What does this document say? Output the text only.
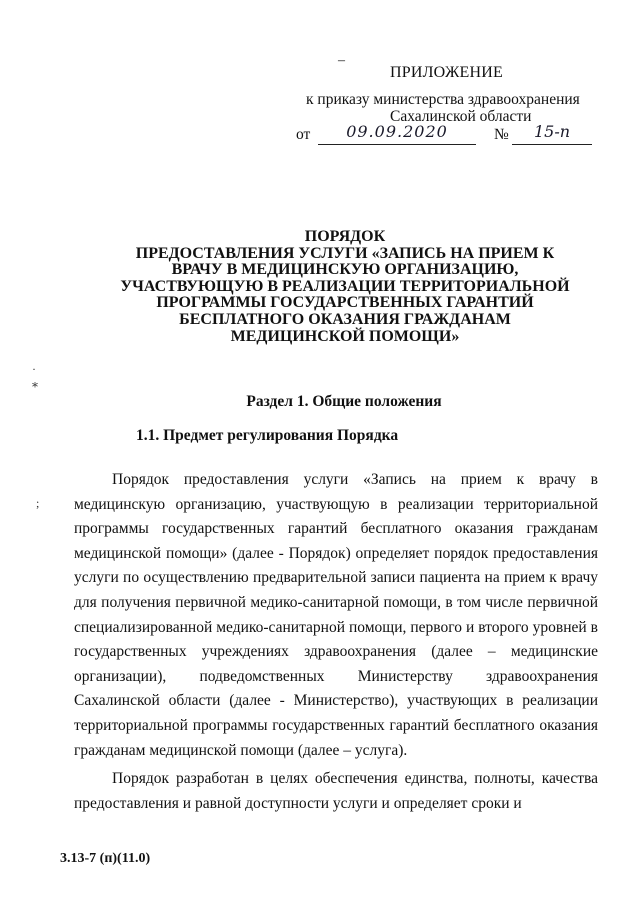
–
ПРИЛОЖЕНИЕ
к приказу министерства здравоохранения
Сахалинской области
от	09.09.2020	№	15-п
ПОРЯДОК
ПРЕДОСТАВЛЕНИЯ УСЛУГИ «ЗАПИСЬ НА ПРИЕМ К
ВРАЧУ В МЕДИЦИНСКУЮ ОРГАНИЗАЦИЮ,
УЧАСТВУЮЩУЮ В РЕАЛИЗАЦИИ ТЕРРИТОРИАЛЬНОЙ
ПРОГРАММЫ ГОСУДАРСТВЕННЫХ ГАРАНТИЙ
БЕСПЛАТНОГО ОКАЗАНИЯ ГРАЖДАНАМ
МЕДИЦИНСКОЙ ПОМОЩИ»
·
⁎
;
Раздел 1. Общие положения
1.1. Предмет регулирования Порядка

Порядок предоставления услуги «Запись на прием к врачу в медицинскую организацию, участвующую в реализации территориальной программы государственных гарантий бесплатного оказания гражданам медицинской помощи» (далее - Порядок) определяет порядок предоставления услуги по осуществлению предварительной записи пациента на прием к врачу для получения первичной медико-санитарной помощи, в том числе первичной специализированной медико-санитарной помощи, первого и второго уровней в государственных учреждениях здравоохранения (далее – медицинские организации), подведомственных Министерству здравоохранения Сахалинской области (далее - Министерство), участвующих в реализации территориальной программы государственных гарантий бесплатного оказания гражданам медицинской помощи (далее – услуга).

Порядок разработан в целях обеспечения единства, полноты, качества предоставления и равной доступности услуги и определяет сроки и

3.13-7 (п)(11.0)
